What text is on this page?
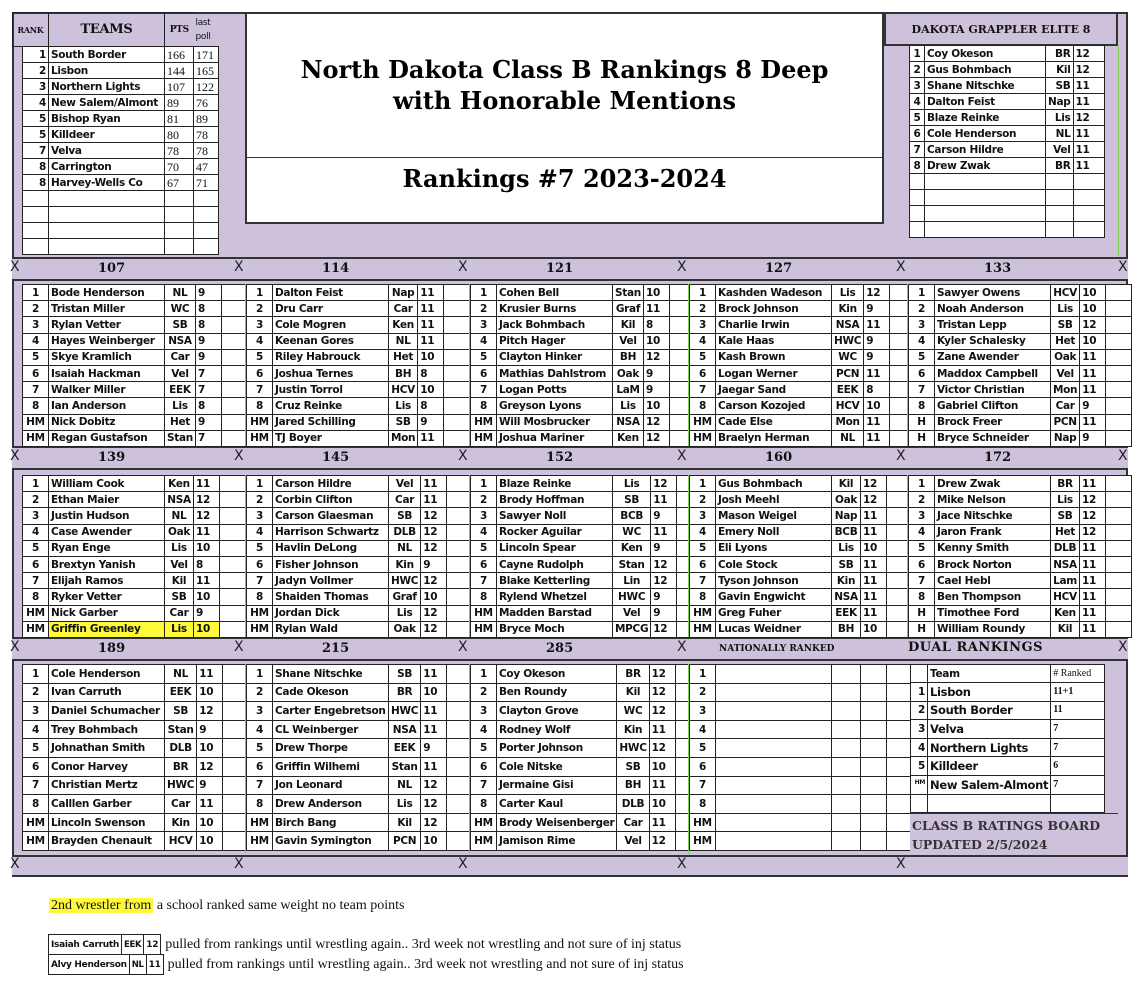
RANK	TEAMS	PTS	last poll	
1	South Border	166	171
2	Lisbon	144	165
3	Northern Lights	107	122
4	New Salem/Almont	89	76
5	Bishop Ryan	81	89
5	Killdeer	80	78
7	Velva	78	78
8	Carrington	70	47
8	Harvey-Wells Co	67	71

North Dakota Class B Rankings 8 Deep
with Honorable Mentions
Rankings #7 2023-2024
DAKOTA GRAPPLER ELITE 8
1	Coy Okeson	BR	12
2	Gus Bohmbach	Kil	12
3	Shane Nitschke	SB	11
4	Dalton Feist	Nap	11
5	Blaze Reinke	Lis	12
6	Cole Henderson	NL	11
7	Carson Hildre	Vel	11
8	Drew Zwak	BR	11

X	107
1	Bode Henderson	NL	9	
2	Tristan Miller	WC	8	
3	Rylan Vetter	SB	8	
4	Hayes Weinberger	NSA	9	
5	Skye Kramlich	Car	9	
6	Isaiah Hackman	Vel	7	
7	Walker Miller	EEK	7	
8	Ian Anderson	Lis	8	
HM	Nick Dobitz	Het	9	
HM	Regan Gustafson	Stan	7	
X	114
1	Dalton Feist	Nap	11	
2	Dru Carr	Car	11	
3	Cole Mogren	Ken	11	
4	Keenan Gores	NL	11	
5	Riley Habrouck	Het	10	
6	Joshua Ternes	BH	8	
7	Justin Torrol	HCV	10	
8	Cruz Reinke	Lis	8	
HM	Jared Schilling	SB	9	
HM	TJ Boyer	Mon	11	
X	121
1	Cohen Bell	Stan	10	
2	Krusier Burns	Graf	11	
3	Jack Bohmbach	Kil	8	
4	Pitch Hager	Vel	10	
5	Clayton Hinker	BH	12	
6	Mathias Dahlstrom	Oak	9	
7	Logan Potts	LaM	9	
8	Greyson Lyons	Lis	10	
HM	Will Mosbrucker	NSA	12	
HM	Joshua Mariner	Ken	12	
X	127
1	Kashden Wadeson	Lis	12	
2	Brock Johnson	Kin	9	
3	Charlie Irwin	NSA	11	
4	Kale Haas	HWC	9	
5	Kash Brown	WC	9	
6	Logan Werner	PCN	11	
7	Jaegar Sand	EEK	8	
8	Carson Kozojed	HCV	10	
HM	Cade Else	Mon	11	
HM	Braelyn Herman	NL	11	
X	133
1	Sawyer Owens	HCV	10	
2	Noah Anderson	Lis	10	
3	Tristan Lepp	SB	12	
4	Kyler Schalesky	Het	10	
5	Zane Awender	Oak	11	
6	Maddox Campbell	Vel	11	
7	Victor Christian	Mon	11	
8	Gabriel Clifton	Car	9	
H	Brock Freer	PCN	11	
H	Bryce Schneider	Nap	9	
X	139
1	William Cook	Ken	11	
2	Ethan Maier	NSA	12	
3	Justin Hudson	NL	12	
4	Case Awender	Oak	11	
5	Ryan Enge	Lis	10	
6	Brextyn Yanish	Vel	8	
7	Elijah Ramos	Kil	11	
8	Ryker Vetter	SB	10	
HM	Nick Garber	Car	9	
HM	Griffin Greenley	Lis	10	
X	145
1	Carson Hildre	Vel	11	
2	Corbin Clifton	Car	11	
3	Carson Glaesman	SB	12	
4	Harrison Schwartz	DLB	12	
5	Havlin DeLong	NL	12	
6	Fisher Johnson	Kin	9	
7	Jadyn Vollmer	HWC	12	
8	Shaiden Thomas	Graf	10	
HM	Jordan Dick	Lis	12	
HM	Rylan Wald	Oak	12	
X	152
1	Blaze Reinke	Lis	12	
2	Brody Hoffman	SB	11	
3	Sawyer Noll	BCB	9	
4	Rocker Aguilar	WC	11	
5	Lincoln Spear	Ken	9	
6	Cayne Rudolph	Stan	12	
7	Blake Ketterling	Lin	12	
8	Rylend Whetzel	HWC	9	
HM	Madden Barstad	Vel	9	
HM	Bryce Moch	MPCG	12	
X	160
1	Gus Bohmbach	Kil	12	
2	Josh Meehl	Oak	12	
3	Mason Weigel	Nap	11	
4	Emery Noll	BCB	11	
5	Eli Lyons	Lis	10	
6	Cole Stock	SB	11	
7	Tyson Johnson	Kin	11	
8	Gavin Engwicht	NSA	11	
HM	Greg Fuher	EEK	11	
HM	Lucas Weidner	BH	10	
X	172
1	Drew Zwak	BR	11	
2	Mike Nelson	Lis	12	
3	Jace Nitschke	SB	12	
4	Jaron Frank	Het	12	
5	Kenny Smith	DLB	11	
6	Brock Norton	NSA	11	
7	Cael Hebl	Lam	11	
8	Ben Thompson	HCV	11	
H	Timothee Ford	Ken	11	
H	William Roundy	Kil	11	
X	189
1	Cole Henderson	NL	11	
2	Ivan Carruth	EEK	10	
3	Daniel Schumacher	SB	12	
4	Trey Bohmbach	Stan	9	
5	Johnathan Smith	DLB	10	
6	Conor Harvey	BR	12	
7	Christian Mertz	HWC	9	
8	Calllen Garber	Car	11	
HM	Lincoln Swenson	Kin	10	
HM	Brayden Chenault	HCV	10	
X	215
1	Shane Nitschke	SB	11	
2	Cade Okeson	BR	10	
3	Carter Engebretson	HWC	11	
4	CL Weinberger	NSA	11	
5	Drew Thorpe	EEK	9	
6	Griffin Wilhemi	Stan	11	
7	Jon Leonard	NL	12	
8	Drew Anderson	Lis	12	
HM	Birch Bang	Kil	12	
HM	Gavin Symington	PCN	10	
X	285
1	Coy Okeson	BR	12	
2	Ben Roundy	Kil	12	
3	Clayton Grove	WC	12	
4	Rodney Wolf	Kin	11	
5	Porter Johnson	HWC	12	
6	Cole Nitske	SB	10	
7	Jermaine Gisi	BH	11	
8	Carter Kaul	DLB	10	
HM	Brody Weisenberger	Car	11	
HM	Jamison Rime	Vel	12	
X	NATIONALLY RANKED
1				
2				
3				
4				
5				
6				
7				
8				
HM				
HM				
X
X
X
X	X	X	X	X
DUAL RANKINGS
	Team	# Ranked
1	Lisbon	11+1
2	South Border	11
3	Velva	7
4	Northern Lights	7
5	Killdeer	6
HM	New Salem-Almont	7

CLASS B RATINGS BOARD
UPDATED 2/5/2024
2nd wrestler from a school ranked same weight no team points
Isaiah Carruth	EEK	12 pulled from rankings until wrestling again.. 3rd week not wrestling and not sure of inj status
Alvy Henderson	NL	11 pulled from rankings until wrestling again.. 3rd week not wrestling and not sure of inj status
